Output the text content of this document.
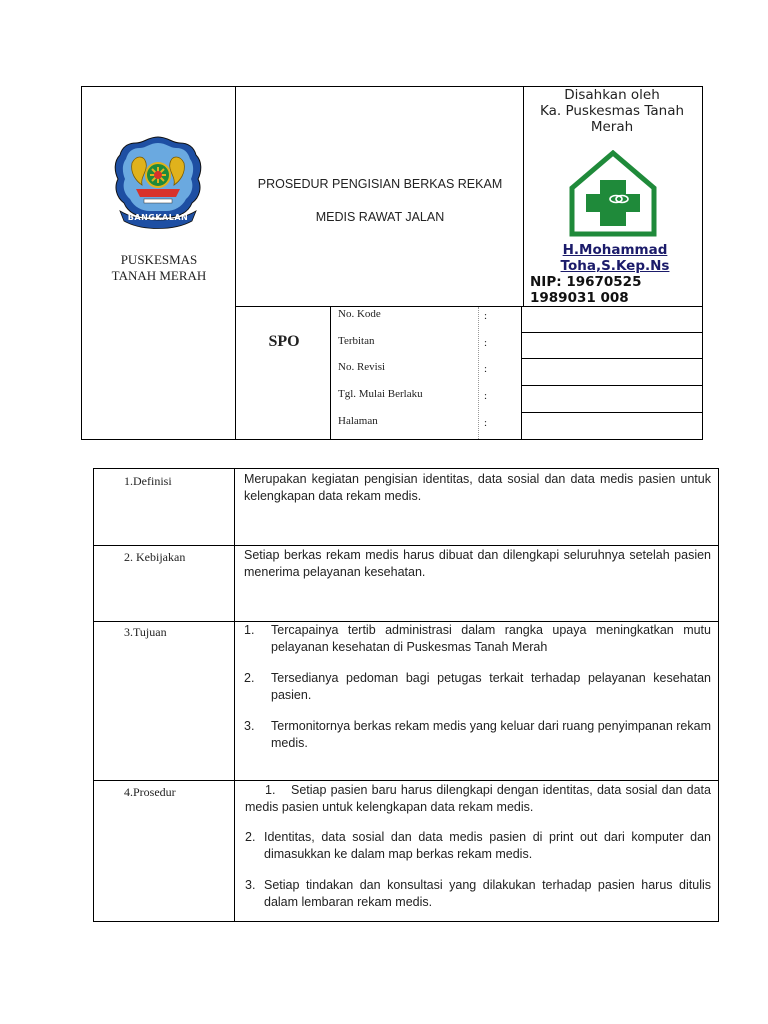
BANGKALAN
PUSKESMAS
TANAH MERAH
PROSEDUR PENGISIAN BERKAS REKAM
MEDIS RAWAT JALAN
Disahkan oleh
Ka. Puskesmas Tanah
Merah
H.Mohammad
Toha,S.Kep.Ns
NIP: 19670525
1989031 008
SPO
No. Kode	:
Terbitan	:
No. Revisi	:
Tgl. Mulai Berlaku	:
Halaman	:
1.Definisi	Merupakan kegiatan pengisian identitas, data sosial dan data medis pasien untuk kelengkapan data rekam medis.
2. Kebijakan	Setiap berkas rekam medis harus dibuat dan dilengkapi seluruhnya setelah pasien menerima pelayanan kesehatan.
3.Tujuan	1.	Tercapainya tertib administrasi dalam rangka upaya meningkatkan mutu pelayanan kesehatan di Puskesmas Tanah Merah
2.	Tersedianya pedoman bagi petugas terkait terhadap pelayanan kesehatan pasien.
3.	Termonitornya berkas rekam medis yang keluar dari ruang penyimpanan rekam medis.
4.Prosedur	1. Setiap pasien baru harus dilengkapi dengan identitas, data sosial dan data medis pasien untuk kelengkapan data rekam medis.
2. Identitas, data sosial dan data medis pasien di print out dari komputer dan dimasukkan ke dalam map berkas rekam medis.
3. Setiap tindakan dan konsultasi yang dilakukan terhadap pasien harus ditulis dalam lembaran rekam medis.
